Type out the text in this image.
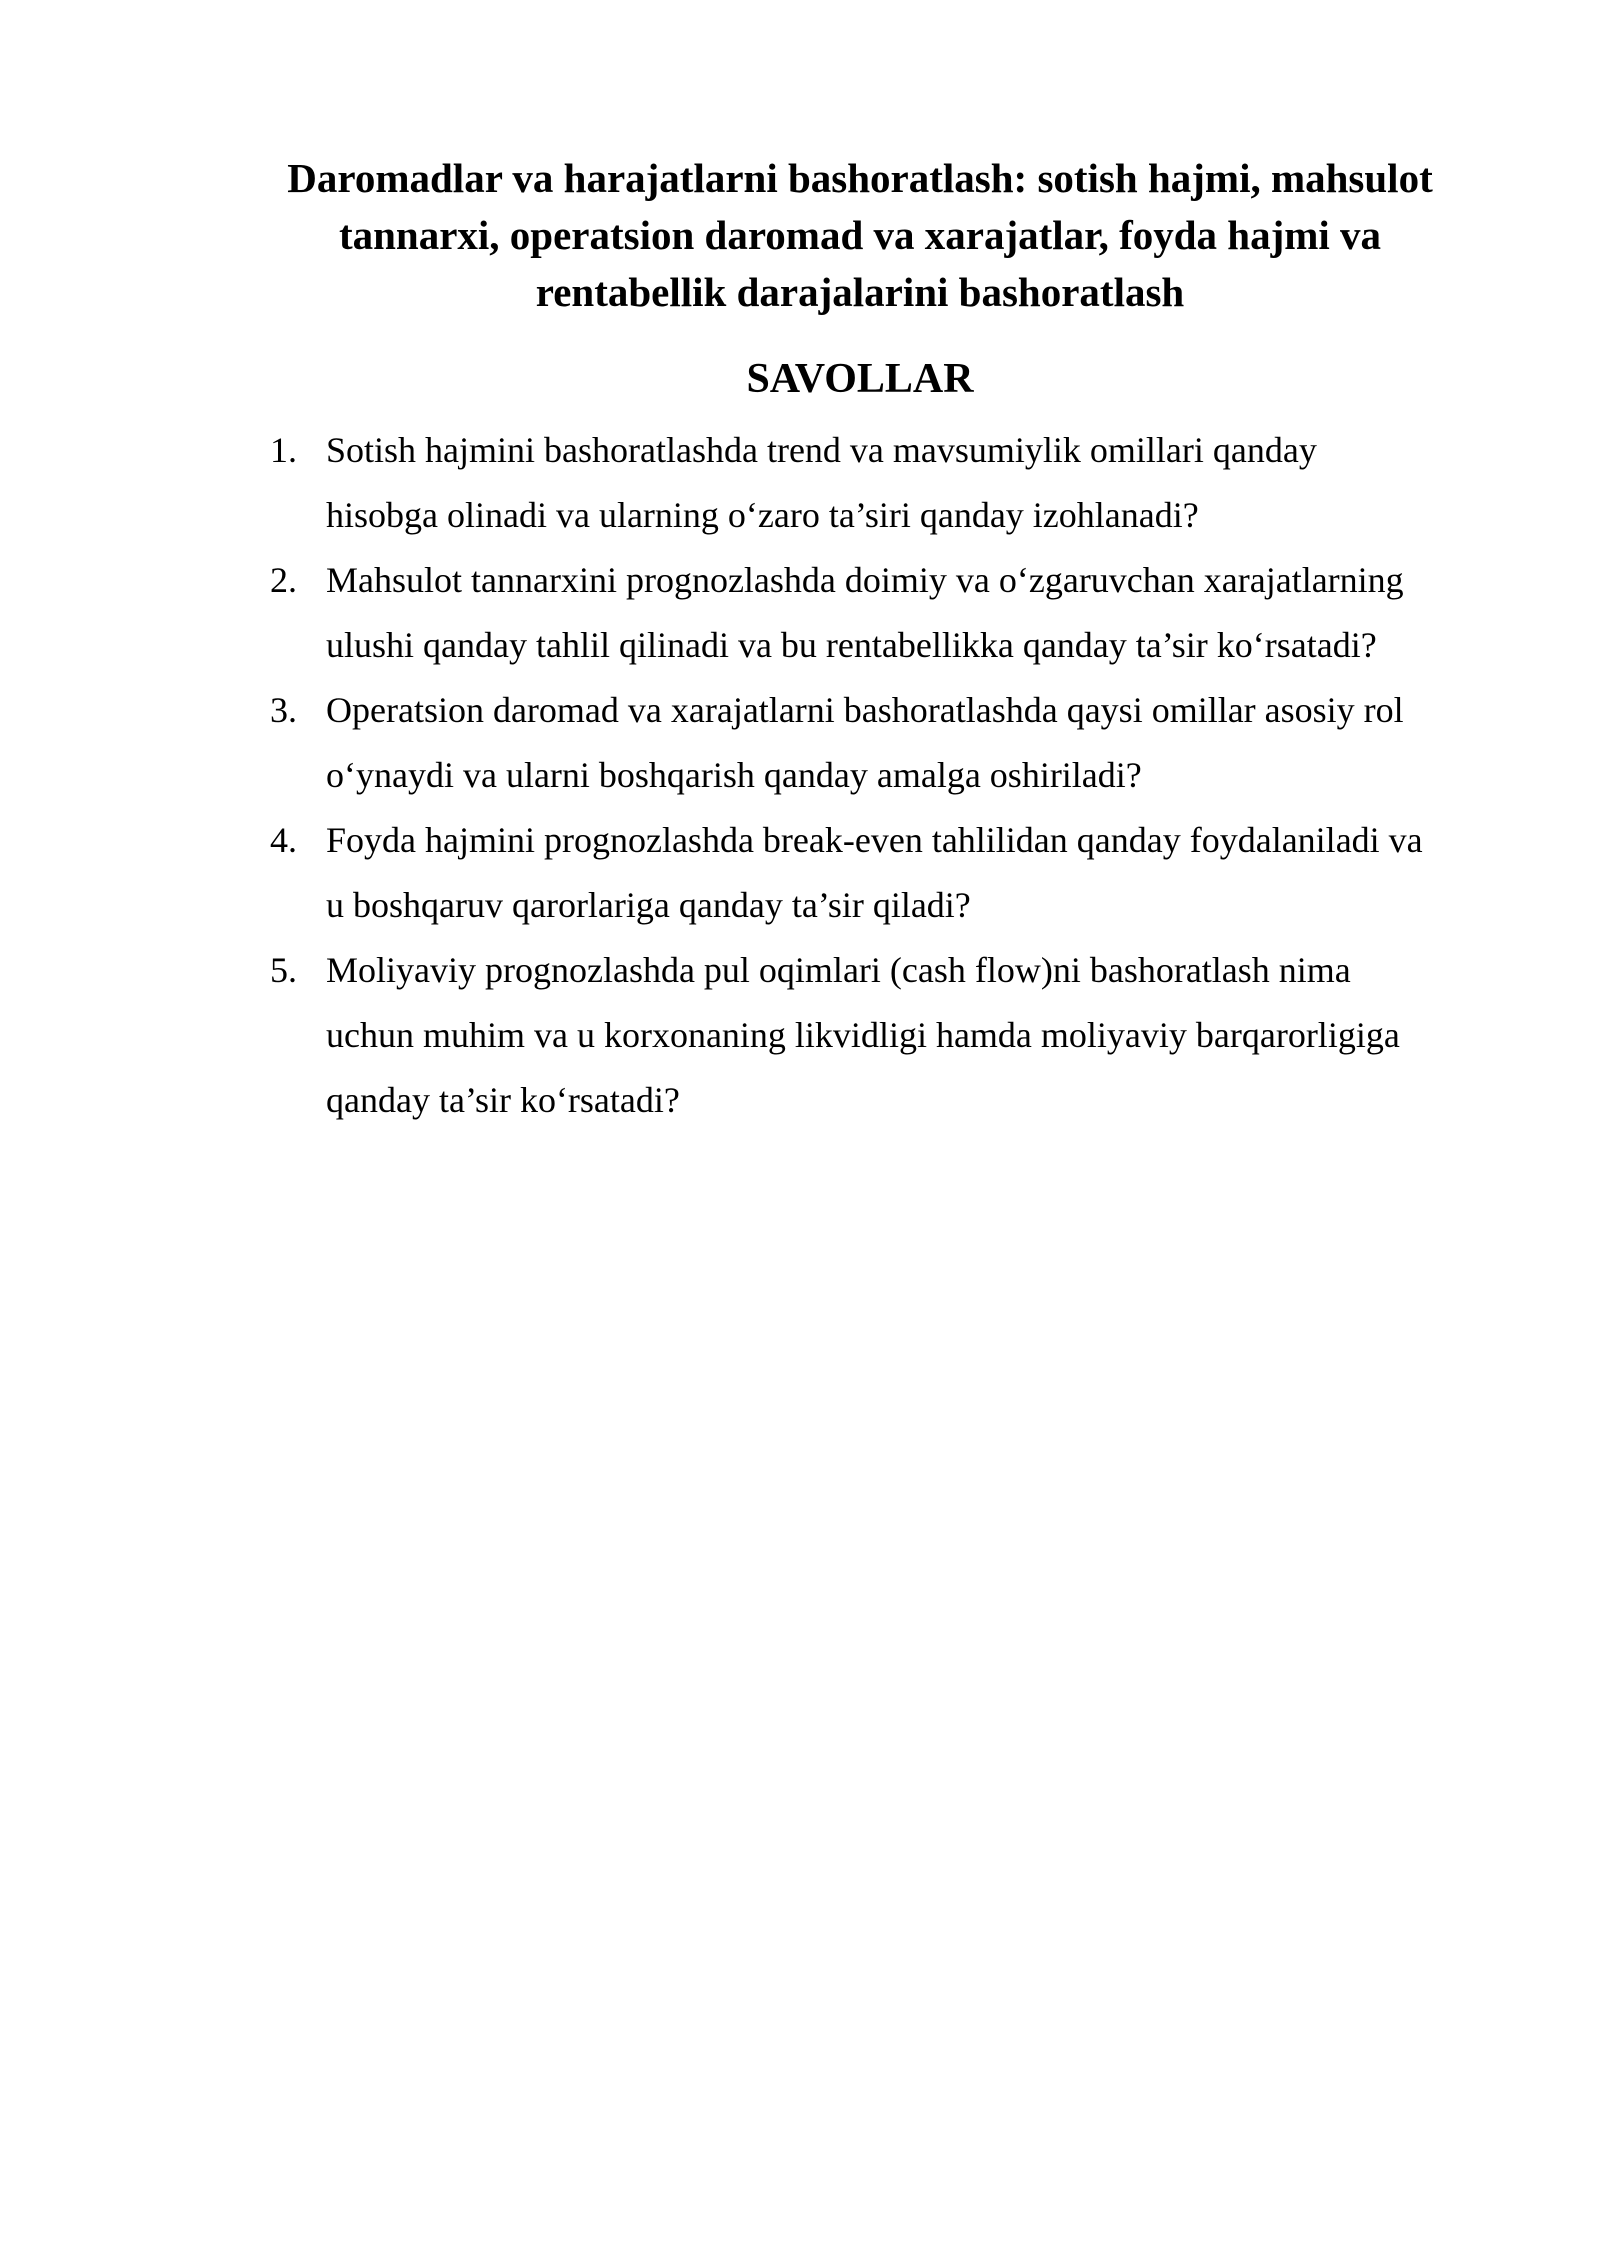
Daromadlar va harajatlarni bashoratlash: sotish hajmi, mahsulot
tannarxi, operatsion daromad va xarajatlar, foyda hajmi va
rentabellik darajalarini bashoratlash
SAVOLLAR
1. Sotish hajmini bashoratlashda trend va mavsumiylik omillari qanday
hisobga olinadi va ularning o‘zaro ta’siri qanday izohlanadi?
2. Mahsulot tannarxini prognozlashda doimiy va o‘zgaruvchan xarajatlarning
ulushi qanday tahlil qilinadi va bu rentabellikka qanday ta’sir ko‘rsatadi?
3. Operatsion daromad va xarajatlarni bashoratlashda qaysi omillar asosiy rol
o‘ynaydi va ularni boshqarish qanday amalga oshiriladi?
4. Foyda hajmini prognozlashda break-even tahlilidan qanday foydalaniladi va
u boshqaruv qarorlariga qanday ta’sir qiladi?
5. Moliyaviy prognozlashda pul oqimlari (cash flow)ni bashoratlash nima
uchun muhim va u korxonaning likvidligi hamda moliyaviy barqarorligiga
qanday ta’sir ko‘rsatadi?
